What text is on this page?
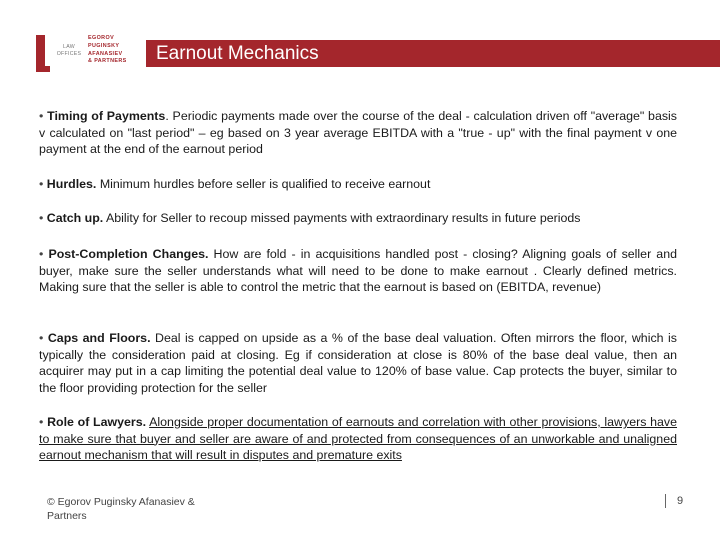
LAW
OFFICES
EGOROV
PUGINSKY
AFANASIEV
& PARTNERS Earnout Mechanics

• Timing of Payments. Periodic payments made over the course of the deal - calculation driven off "average" basis v calculated on "last period" – eg based on 3 year average EBITDA with a "true - up" with the final payment v one payment at the end of the earnout period

• Hurdles. Minimum hurdles before seller is qualified to receive earnout

• Catch up. Ability for Seller to recoup missed payments with extraordinary results in future periods

• Post-Completion Changes. How are fold - in acquisitions handled post - closing? Aligning goals of seller and buyer, make sure the seller understands what will need to be done to make earnout . Clearly defined metrics. Making sure that the seller is able to control the metric that the earnout is based on (EBITDA, revenue)

• Caps and Floors. Deal is capped on upside as a % of the base deal valuation. Often mirrors the floor, which is typically the consideration paid at closing. Eg if consideration at close is 80% of the base deal value, then an acquirer may put in a cap limiting the potential deal value to 120% of base value. Cap protects the buyer, similar to the floor providing protection for the seller

• Role of Lawyers. Alongside proper documentation of earnouts and correlation with other provisions, lawyers have to make sure that buyer and seller are aware of and protected from consequences of an unworkable and unaligned earnout mechanism that will result in disputes and premature exits

© Egorov Puginsky Afanasiev & Partners
9
